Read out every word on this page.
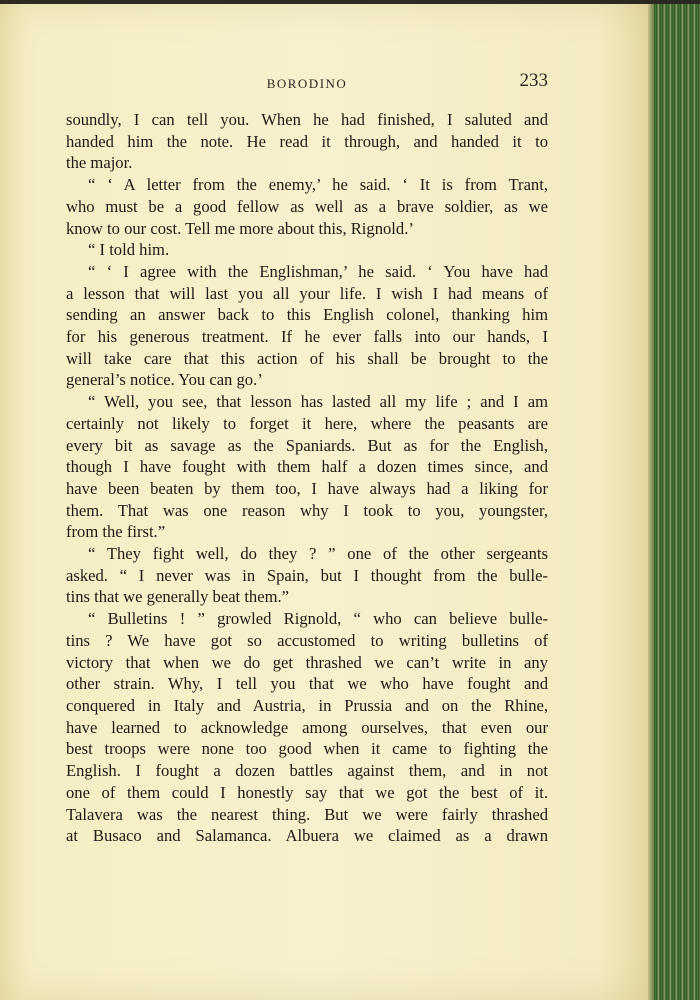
BORODINO	233
soundly, I can tell you. When he had finished, I saluted and
handed him the note. He read it through, and handed it to
the major.
“ ‘ A letter from the enemy,’ he said. ‘ It is from Trant,
who must be a good fellow as well as a brave soldier, as we
know to our cost. Tell me more about this, Rignold.’
“ I told him.
“ ‘ I agree with the Englishman,’ he said. ‘ You have had
a lesson that will last you all your life. I wish I had means of
sending an answer back to this English colonel, thanking him
for his generous treatment. If he ever falls into our hands, I
will take care that this action of his shall be brought to the
general’s notice. You can go.’
“ Well, you see, that lesson has lasted all my life ; and I am
certainly not likely to forget it here, where the peasants are
every bit as savage as the Spaniards. But as for the English,
though I have fought with them half a dozen times since, and
have been beaten by them too, I have always had a liking for
them. That was one reason why I took to you, youngster,
from the first.”
“ They fight well, do they ? ” one of the other sergeants
asked. “ I never was in Spain, but I thought from the bulle-
tins that we generally beat them.”
“ Bulletins ! ” growled Rignold, “ who can believe bulle-
tins ? We have got so accustomed to writing bulletins of
victory that when we do get thrashed we can’t write in any
other strain. Why, I tell you that we who have fought and
conquered in Italy and Austria, in Prussia and on the Rhine,
have learned to acknowledge among ourselves, that even our
best troops were none too good when it came to fighting the
English. I fought a dozen battles against them, and in not
one of them could I honestly say that we got the best of it.
Talavera was the nearest thing. But we were fairly thrashed
at Busaco and Salamanca. Albuera we claimed as a drawn
